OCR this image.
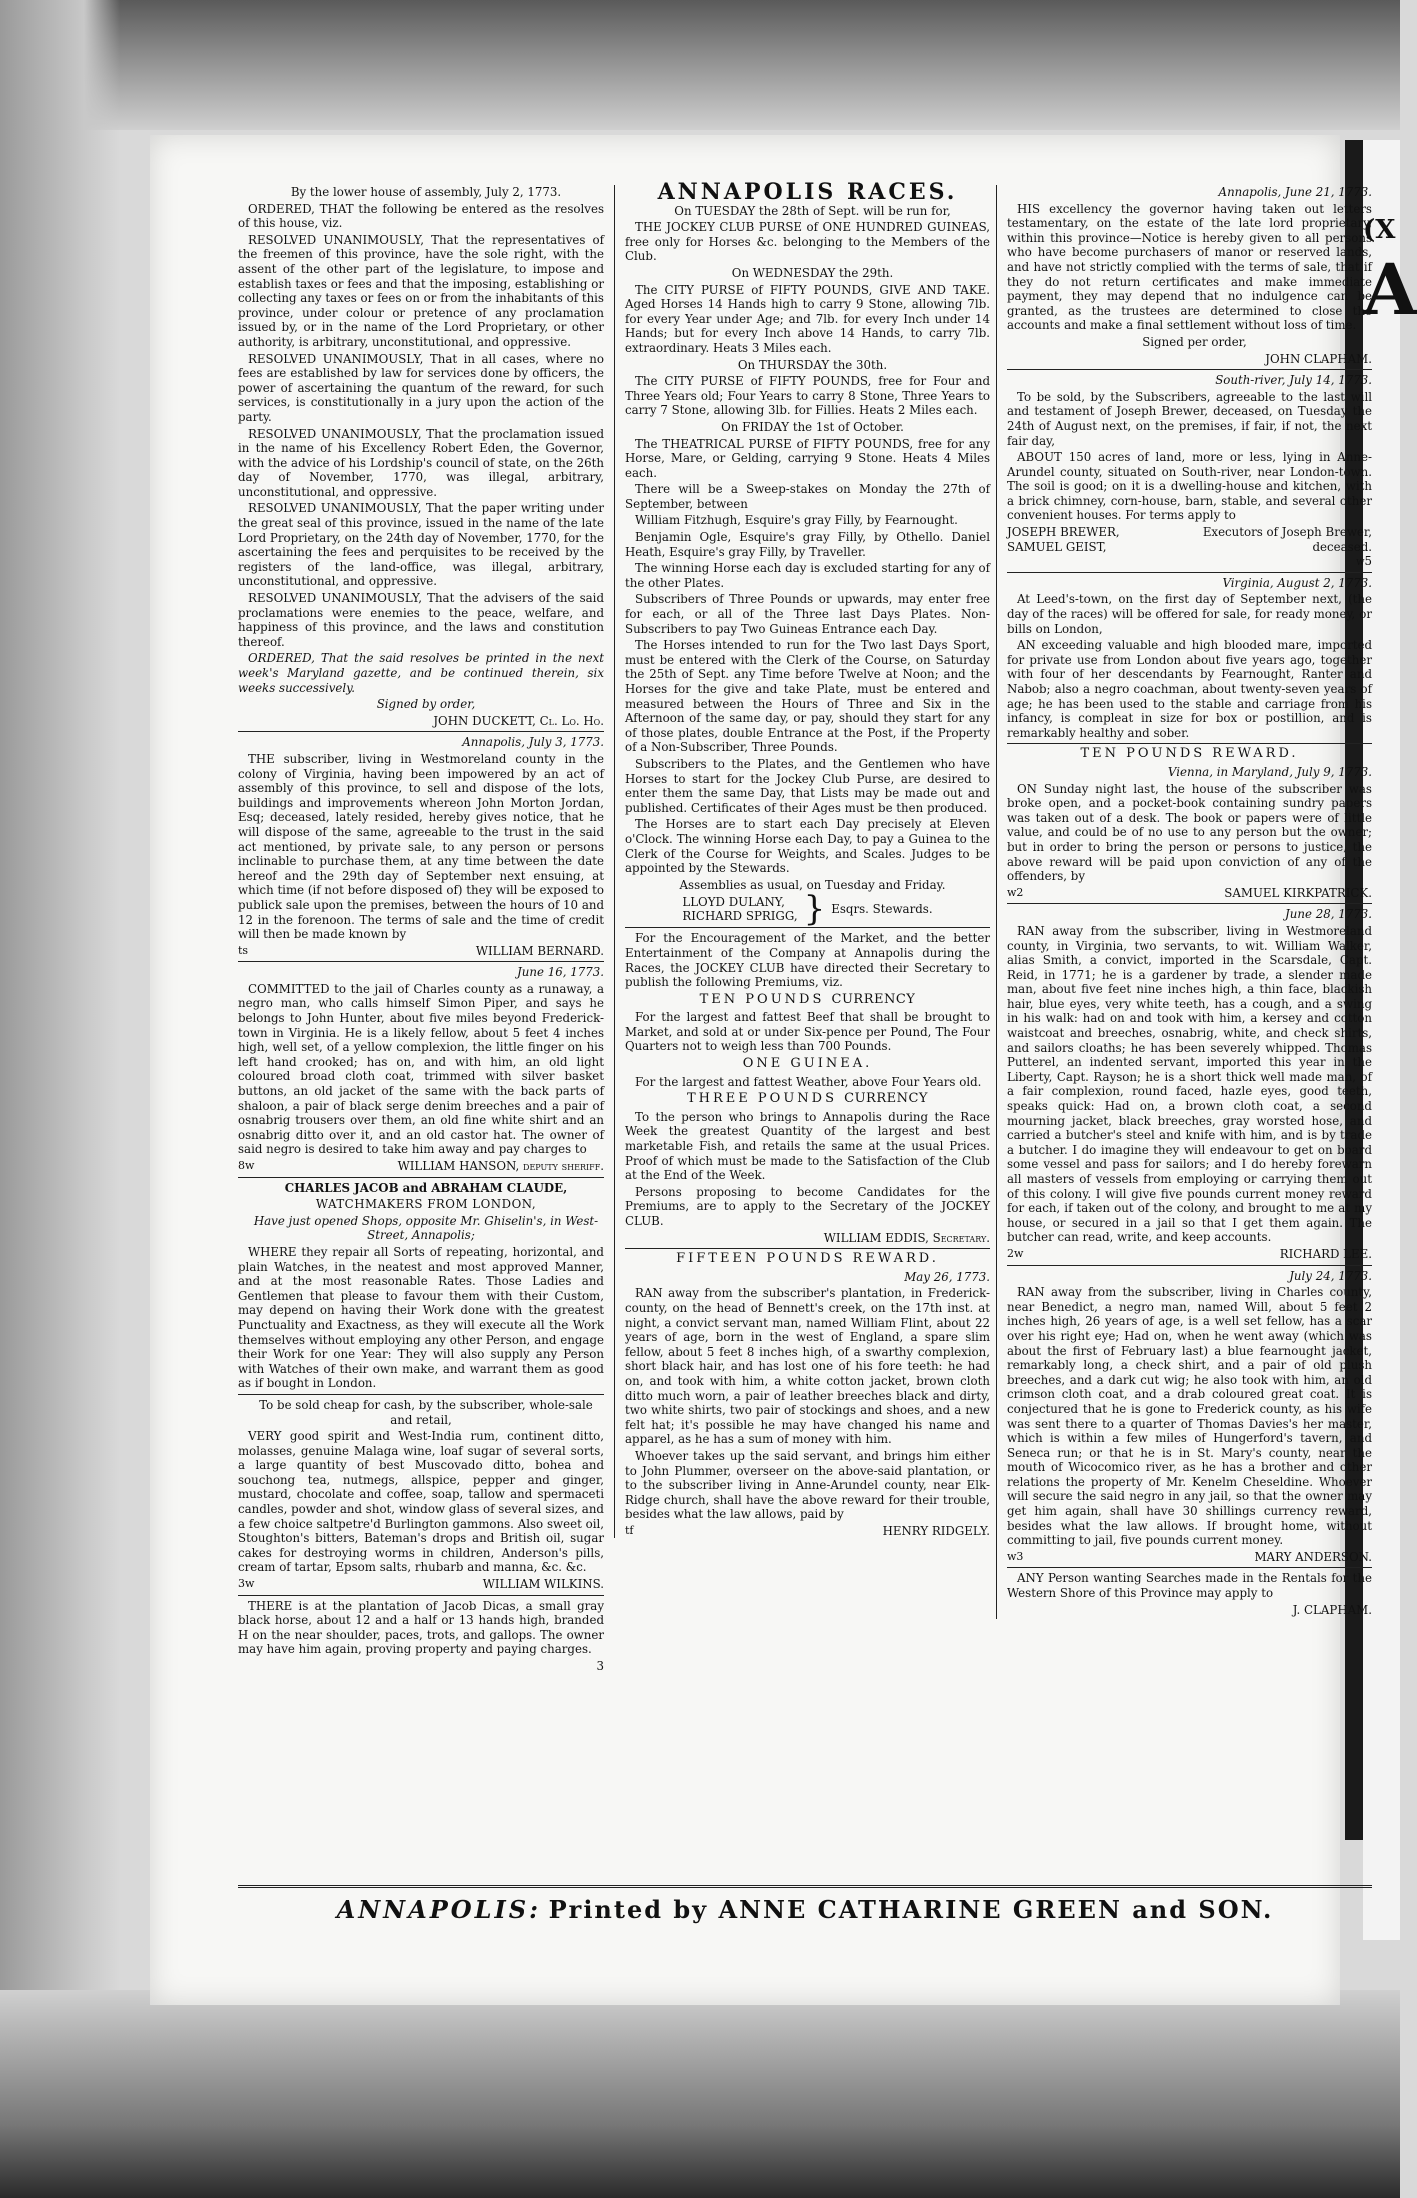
(X
A

By the lower house of assembly, July 2, 1773.

ORDERED, THAT the following be entered as the resolves of this house, viz.

RESOLVED UNANIMOUSLY, That the representatives of the freemen of this province, have the sole right, with the assent of the other part of the legislature, to impose and establish taxes or fees and that the imposing, establishing or collecting any taxes or fees on or from the inhabitants of this province, under colour or pretence of any proclamation issued by, or in the name of the Lord Proprietary, or other authority, is arbitrary, unconstitutional, and oppressive.

RESOLVED UNANIMOUSLY, That in all cases, where no fees are established by law for services done by officers, the power of ascertaining the quantum of the reward, for such services, is constitutionally in a jury upon the action of the party.

RESOLVED UNANIMOUSLY, That the proclamation issued in the name of his Excellency Robert Eden, the Governor, with the advice of his Lordship's council of state, on the 26th day of November, 1770, was illegal, arbitrary, unconstitutional, and oppressive.

RESOLVED UNANIMOUSLY, That the paper writing under the great seal of this province, issued in the name of the late Lord Proprietary, on the 24th day of November, 1770, for the ascertaining the fees and perquisites to be received by the registers of the land-office, was illegal, arbitrary, unconstitutional, and oppressive.

RESOLVED UNANIMOUSLY, That the advisers of the said proclamations were enemies to the peace, welfare, and happiness of this province, and the laws and constitution thereof.

ORDERED, That the said resolves be printed in the next week's Maryland gazette, and be continued therein, six weeks successively.

Signed by order,

JOHN DUCKETT, Cl. Lo. Ho.

Annapolis, July 3, 1773.

THE subscriber, living in Westmoreland county in the colony of Virginia, having been impowered by an act of assembly of this province, to sell and dispose of the lots, buildings and improvements whereon John Morton Jordan, Esq; deceased, lately resided, hereby gives notice, that he will dispose of the same, agreeable to the trust in the said act mentioned, by private sale, to any person or persons inclinable to purchase them, at any time between the date hereof and the 29th day of September next ensuing, at which time (if not before disposed of) they will be exposed to publick sale upon the premises, between the hours of 10 and 12 in the forenoon. The terms of sale and the time of credit will then be made known by

ts	WILLIAM BERNARD.

June 16, 1773.

COMMITTED to the jail of Charles county as a runaway, a negro man, who calls himself Simon Piper, and says he belongs to John Hunter, about five miles beyond Frederick-town in Virginia. He is a likely fellow, about 5 feet 4 inches high, well set, of a yellow complexion, the little finger on his left hand crooked; has on, and with him, an old light coloured broad cloth coat, trimmed with silver basket buttons, an old jacket of the same with the back parts of shaloon, a pair of black serge denim breeches and a pair of osnabrig trousers over them, an old fine white shirt and an osnabrig ditto over it, and an old castor hat. The owner of said negro is desired to take him away and pay charges to

8w	WILLIAM HANSON, deputy sheriff.

CHARLES JACOB and ABRAHAM CLAUDE,

WATCHMAKERS FROM LONDON,

Have just opened Shops, opposite Mr. Ghiselin's, in West-Street, Annapolis;

WHERE they repair all Sorts of repeating, horizontal, and plain Watches, in the neatest and most approved Manner, and at the most reasonable Rates. Those Ladies and Gentlemen that please to favour them with their Custom, may depend on having their Work done with the greatest Punctuality and Exactness, as they will execute all the Work themselves without employing any other Person, and engage their Work for one Year: They will also supply any Person with Watches of their own make, and warrant them as good as if bought in London.

To be sold cheap for cash, by the subscriber, whole-sale and retail,

VERY good spirit and West-India rum, continent ditto, molasses, genuine Malaga wine, loaf sugar of several sorts, a large quantity of best Muscovado ditto, bohea and souchong tea, nutmegs, allspice, pepper and ginger, mustard, chocolate and coffee, soap, tallow and spermaceti candles, powder and shot, window glass of several sizes, and a few choice saltpetre'd Burlington gammons. Also sweet oil, Stoughton's bitters, Bateman's drops and British oil, sugar cakes for destroying worms in children, Anderson's pills, cream of tartar, Epsom salts, rhubarb and manna, &c. &c.

3w	WILLIAM WILKINS.

THERE is at the plantation of Jacob Dicas, a small gray black horse, about 12 and a half or 13 hands high, branded H on the near shoulder, paces, trots, and gallops. The owner may have him again, proving property and paying charges.

3

ANNAPOLIS RACES.

On TUESDAY the 28th of Sept. will be run for,

THE JOCKEY CLUB PURSE of ONE HUNDRED GUINEAS, free only for Horses &c. belonging to the Members of the Club.

On WEDNESDAY the 29th.

The CITY PURSE of FIFTY POUNDS, GIVE AND TAKE. Aged Horses 14 Hands high to carry 9 Stone, allowing 7lb. for every Year under Age; and 7lb. for every Inch under 14 Hands; but for every Inch above 14 Hands, to carry 7lb. extraordinary. Heats 3 Miles each.

On THURSDAY the 30th.

The CITY PURSE of FIFTY POUNDS, free for Four and Three Years old; Four Years to carry 8 Stone, Three Years to carry 7 Stone, allowing 3lb. for Fillies. Heats 2 Miles each.

On FRIDAY the 1st of October.

The THEATRICAL PURSE of FIFTY POUNDS, free for any Horse, Mare, or Gelding, carrying 9 Stone. Heats 4 Miles each.

There will be a Sweep-stakes on Monday the 27th of September, between

William Fitzhugh, Esquire's gray Filly, by Fearnought.

Benjamin Ogle, Esquire's gray Filly, by Othello. Daniel Heath, Esquire's gray Filly, by Traveller.

The winning Horse each day is excluded starting for any of the other Plates.

Subscribers of Three Pounds or upwards, may enter free for each, or all of the Three last Days Plates. Non-Subscribers to pay Two Guineas Entrance each Day.

The Horses intended to run for the Two last Days Sport, must be entered with the Clerk of the Course, on Saturday the 25th of Sept. any Time before Twelve at Noon; and the Horses for the give and take Plate, must be entered and measured between the Hours of Three and Six in the Afternoon of the same day, or pay, should they start for any of those plates, double Entrance at the Post, if the Property of a Non-Subscriber, Three Pounds.

Subscribers to the Plates, and the Gentlemen who have Horses to start for the Jockey Club Purse, are desired to enter them the same Day, that Lists may be made out and published. Certificates of their Ages must be then produced.

The Horses are to start each Day precisely at Eleven o'Clock. The winning Horse each Day, to pay a Guinea to the Clerk of the Course for Weights, and Scales. Judges to be appointed by the Stewards.

Assemblies as usual, on Tuesday and Friday.

LLOYD DULANY,
RICHARD SPRIGG, } Esqrs. Stewards.

For the Encouragement of the Market, and the better Entertainment of the Company at Annapolis during the Races, the JOCKEY CLUB have directed their Secretary to publish the following Premiums, viz.

TEN POUNDS CURRENCY

For the largest and fattest Beef that shall be brought to Market, and sold at or under Six-pence per Pound, The Four Quarters not to weigh less than 700 Pounds.

ONE GUINEA.

For the largest and fattest Weather, above Four Years old.

THREE POUNDS CURRENCY

To the person who brings to Annapolis during the Race Week the greatest Quantity of the largest and best marketable Fish, and retails the same at the usual Prices. Proof of which must be made to the Satisfaction of the Club at the End of the Week.

Persons proposing to become Candidates for the Premiums, are to apply to the Secretary of the JOCKEY CLUB.

WILLIAM EDDIS, Secretary.

FIFTEEN POUNDS REWARD.

May 26, 1773.

RAN away from the subscriber's plantation, in Frederick-county, on the head of Bennett's creek, on the 17th inst. at night, a convict servant man, named William Flint, about 22 years of age, born in the west of England, a spare slim fellow, about 5 feet 8 inches high, of a swarthy complexion, short black hair, and has lost one of his fore teeth: he had on, and took with him, a white cotton jacket, brown cloth ditto much worn, a pair of leather breeches black and dirty, two white shirts, two pair of stockings and shoes, and a new felt hat; it's possible he may have changed his name and apparel, as he has a sum of money with him.

Whoever takes up the said servant, and brings him either to John Plummer, overseer on the above-said plantation, or to the subscriber living in Anne-Arundel county, near Elk-Ridge church, shall have the above reward for their trouble, besides what the law allows, paid by

tf	HENRY RIDGELY.

Annapolis, June 21, 1773.

HIS excellency the governor having taken out letters testamentary, on the estate of the late lord proprietary, within this province—Notice is hereby given to all persons who have become purchasers of manor or reserved lands, and have not strictly complied with the terms of sale, that if they do not return certificates and make immediate payment, they may depend that no indulgence can be granted, as the trustees are determined to close the accounts and make a final settlement without loss of time.

Signed per order,

JOHN CLAPHAM.

South-river, July 14, 1773.

To be sold, by the Subscribers, agreeable to the last will and testament of Joseph Brewer, deceased, on Tuesday the 24th of August next, on the premises, if fair, if not, the next fair day,

ABOUT 150 acres of land, more or less, lying in Anne-Arundel county, situated on South-river, near London-town. The soil is good; on it is a dwelling-house and kitchen, with a brick chimney, corn-house, barn, stable, and several other convenient houses. For terms apply to

JOSEPH BREWER,
SAMUEL GEIST,
Executors of Joseph Brewer,
deceased.

w5

Virginia, August 2, 1773.

At Leed's-town, on the first day of September next, (the day of the races) will be offered for sale, for ready money, or bills on London,

AN exceeding valuable and high blooded mare, imported for private use from London about five years ago, together with four of her descendants by Fearnought, Ranter and Nabob; also a negro coachman, about twenty-seven years of age; he has been used to the stable and carriage from his infancy, is compleat in size for box or postillion, and is remarkably healthy and sober.

TEN POUNDS REWARD.

Vienna, in Maryland, July 9, 1773.

ON Sunday night last, the house of the subscriber was broke open, and a pocket-book containing sundry papers was taken out of a desk. The book or papers were of little value, and could be of no use to any person but the owner; but in order to bring the person or persons to justice, the above reward will be paid upon conviction of any of the offenders, by

w2	SAMUEL KIRKPATRICK.

June 28, 1773.

RAN away from the subscriber, living in Westmoreland county, in Virginia, two servants, to wit. William Walker, alias Smith, a convict, imported in the Scarsdale, Capt. Reid, in 1771; he is a gardener by trade, a slender made man, about five feet nine inches high, a thin face, blackish hair, blue eyes, very white teeth, has a cough, and a swing in his walk: had on and took with him, a kersey and cotton waistcoat and breeches, osnabrig, white, and check shirts, and sailors cloaths; he has been severely whipped. Thomas Putterel, an indented servant, imported this year in the Liberty, Capt. Rayson; he is a short thick well made man, of a fair complexion, round faced, hazle eyes, good teeth, speaks quick: Had on, a brown cloth coat, a second mourning jacket, black breeches, gray worsted hose, and carried a butcher's steel and knife with him, and is by trade a butcher. I do imagine they will endeavour to get on board some vessel and pass for sailors; and I do hereby forewarn all masters of vessels from employing or carrying them out of this colony. I will give five pounds current money reward for each, if taken out of the colony, and brought to me at my house, or secured in a jail so that I get them again. The butcher can read, write, and keep accounts.

2w	RICHARD LEE.

July 24, 1773.

RAN away from the subscriber, living in Charles county, near Benedict, a negro man, named Will, about 5 feet 2 inches high, 26 years of age, is a well set fellow, has a scar over his right eye; Had on, when he went away (which was about the first of February last) a blue fearnought jacket, remarkably long, a check shirt, and a pair of old plush breeches, and a dark cut wig; he also took with him, an old crimson cloth coat, and a drab coloured great coat. It is conjectured that he is gone to Frederick county, as his wife was sent there to a quarter of Thomas Davies's her master, which is within a few miles of Hungerford's tavern, and Seneca run; or that he is in St. Mary's county, near the mouth of Wicocomico river, as he has a brother and other relations the property of Mr. Kenelm Cheseldine. Whoever will secure the said negro in any jail, so that the owner may get him again, shall have 30 shillings currency reward, besides what the law allows. If brought home, without committing to jail, five pounds current money.

w3	MARY ANDERSON.

ANY Person wanting Searches made in the Rentals for the Western Shore of this Province may apply to

J. CLAPHAM.

ANNAPOLIS: Printed by ANNE CATHARINE GREEN and SON.
